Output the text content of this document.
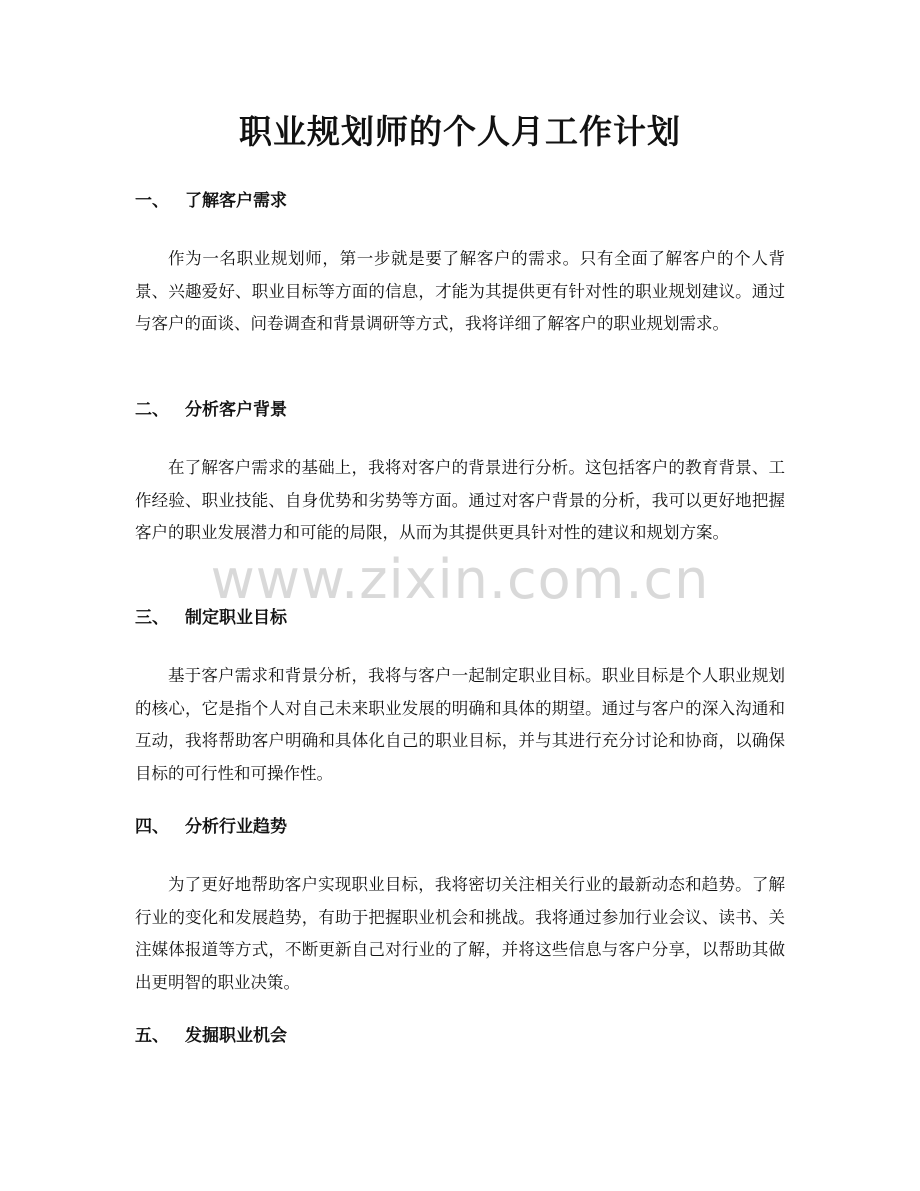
职业规划师的个人月工作计划
一、 了解客户需求

作为一名职业规划师，第一步就是要了解客户的需求。只有全面了解客户的个人背景、兴趣爱好、职业目标等方面的信息，才能为其提供更有针对性的职业规划建议。通过与客户的面谈、问卷调查和背景调研等方式，我将详细了解客户的职业规划需求。

二、 分析客户背景

在了解客户需求的基础上，我将对客户的背景进行分析。这包括客户的教育背景、工作经验、职业技能、自身优势和劣势等方面。通过对客户背景的分析，我可以更好地把握客户的职业发展潜力和可能的局限，从而为其提供更具针对性的建议和规划方案。

三、 制定职业目标

基于客户需求和背景分析，我将与客户一起制定职业目标。职业目标是个人职业规划的核心，它是指个人对自己未来职业发展的明确和具体的期望。通过与客户的深入沟通和互动，我将帮助客户明确和具体化自己的职业目标，并与其进行充分讨论和协商，以确保目标的可行性和可操作性。

四、 分析行业趋势

为了更好地帮助客户实现职业目标，我将密切关注相关行业的最新动态和趋势。了解行业的变化和发展趋势，有助于把握职业机会和挑战。我将通过参加行业会议、读书、关注媒体报道等方式，不断更新自己对行业的了解，并将这些信息与客户分享，以帮助其做出更明智的职业决策。

五、 发掘职业机会
www.zixin.com.cn
